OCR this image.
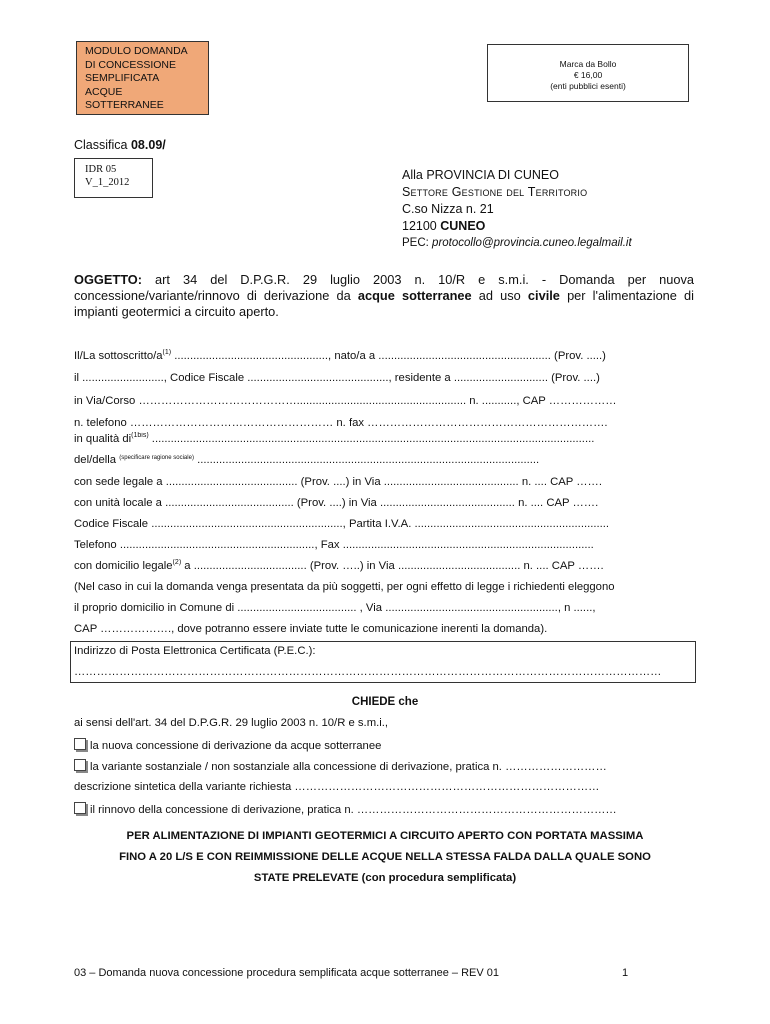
MODULO DOMANDA
DI CONCESSIONE
SEMPLIFICATA
ACQUE
SOTTERRANEE
Marca da Bollo
€ 16,00
(enti pubblici esenti)
Classifica 08.09/
IDR 05
V_1_2012
Alla PROVINCIA DI CUNEO
Settore Gestione del Territorio
C.so Nizza n. 21
12100 CUNEO
PEC: protocollo@provincia.cuneo.legalmail.it
OGGETTO: art 34 del D.P.G.R. 29 luglio 2003 n. 10/R e s.m.i. - Domanda per nuova concessione/variante/rinnovo di derivazione da acque sotterranee ad uso civile per l'alimentazione di impianti geotermici a circuito aperto.
Il/La sottoscritto/$a^{(1)}$ ................................................., nato/a a ....................................................... (Prov. .....)
il .........................., Codice Fiscale ............................................., residente a .............................. (Prov. ....)
in Via/Corso ……………………………………...................................................... n. ..........., CAP ………………
n. telefono ……………………………………………… n. fax ……………………………………………………….
in qualità $di^{(1bis)}$ .............................................................................................................................................
del/della $^{(specificare ragione sociale)}$ .............................................................................................................
con sede legale a .......................................... (Prov. ....) in Via ........................................... n. .... CAP …….
con unità locale a ......................................... (Prov. ....) in Via ........................................... n. .... CAP …….
Codice Fiscale ............................................................., Partita I.V.A. ..............................................................
Telefono .............................................................., Fax ................................................................................
con domicilio legale$^{(2)}$ a .................................... (Prov. …..) in Via ....................................... n. .... CAP …….
(Nel caso in cui la domanda venga presentata da più soggetti, per ogni effetto di legge i richiedenti eleggono
il proprio domicilio in Comune di ...................................... , Via ......................................................., n ......,
CAP ………………., dove potranno essere inviate tutte le comunicazione inerenti la domanda).
Indirizzo di Posta Elettronica Certificata (P.E.C.):
…………………………………………………………………………………………………………………………………………
CHIEDE che
ai sensi dell'art. 34 del D.P.G.R. 29 luglio 2003 n. 10/R e s.m.i.,
la nuova concessione di derivazione da acque sotterranee
la variante sostanziale / non sostanziale alla concessione di derivazione, pratica n. ………………………
descrizione sintetica della variante richiesta ………………………………………………………………………
il rinnovo della concessione di derivazione, pratica n. ……………………………………………………………
PER ALIMENTAZIONE DI IMPIANTI GEOTERMICI A CIRCUITO APERTO CON PORTATA MASSIMA
FINO A 20 L/S E CON REIMMISSIONE DELLE ACQUE NELLA STESSA FALDA DALLA QUALE SONO
STATE PRELEVATE (con procedura semplificata)
03 – Domanda nuova concessione procedura semplificata acque sotterranee – REV 01	1
